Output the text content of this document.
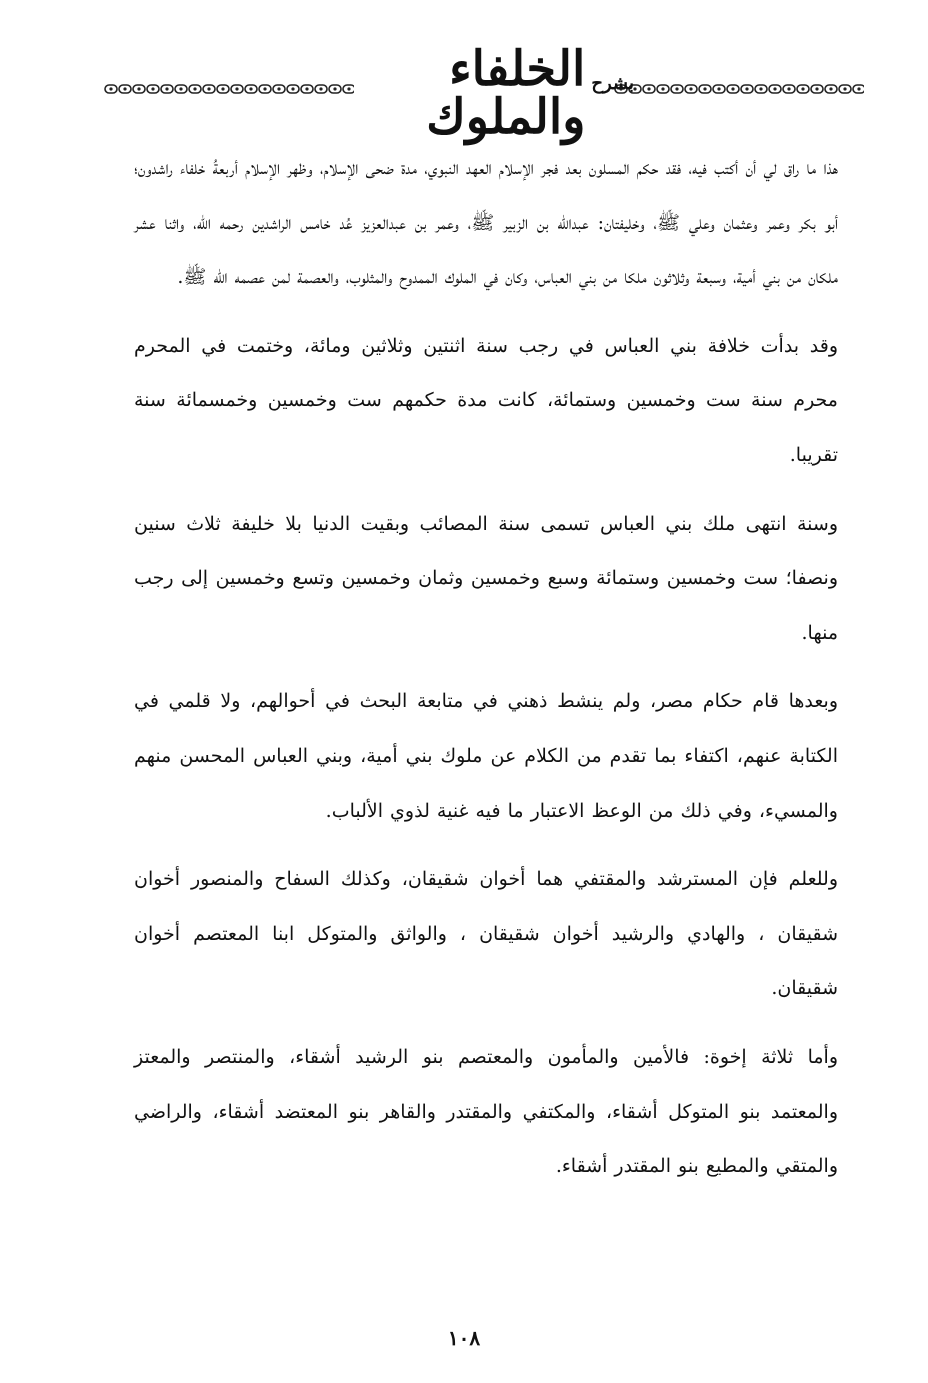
بشرح
الخلفاء والملوك

هذا ما راق لي أن أكتب فيه، فقد حكم المسلون بعد فجر الإسلام العهد النبوي، مدة ضحى الإسلام، وظهر الإسلام أربعةُ خلفاء راشدون؛ أبو بكر وعمر وعثمان وعلي ﷺ، وخليفتان: عبدالله بن الزبير ﷺ، وعمر بن عبدالعزيز عُد خامس الراشدين رحمه الله، واثنا عشر ملكان من بني أمية، وسبعة وثلاثون ملكا من بني العباس، وكان في الملوك الممدوح والمثلوب، والعصمة لمن عصمه الله ﷺ.

وقد بدأت خلافة بني العباس في رجب سنة اثنتين وثلاثين ومائة، وختمت في المحرم محرم سنة ست وخمسين وستمائة، كانت مدة حكمهم ست وخمسين وخمسمائة سنة تقريبا.

وسنة انتهى ملك بني العباس تسمى سنة المصائب وبقيت الدنيا بلا خليفة ثلاث سنين ونصفا؛ ست وخمسين وستمائة وسبع وخمسين وثمان وخمسين وتسع وخمسين إلى رجب منها.

وبعدها قام حكام مصر، ولم ينشط ذهني في متابعة البحث في أحوالهم، ولا قلمي في الكتابة عنهم، اكتفاء بما تقدم من الكلام عن ملوك بني أمية، وبني العباس المحسن منهم والمسيء، وفي ذلك من الوعظ الاعتبار ما فيه غنية لذوي الألباب.

وللعلم فإن المسترشد والمقتفي هما أخوان شقيقان، وكذلك السفاح والمنصور أخوان شقيقان ، والهادي والرشيد أخوان شقيقان ، والواثق والمتوكل ابنا المعتصم أخوان شقيقان.

وأما ثلاثة إخوة: فالأمين والمأمون والمعتصم بنو الرشيد أشقاء، والمنتصر والمعتز والمعتمد بنو المتوكل أشقاء، والمكتفي والمقتدر والقاهر بنو المعتضد أشقاء، والراضي والمتقي والمطيع بنو المقتدر أشقاء.

١٠٨
